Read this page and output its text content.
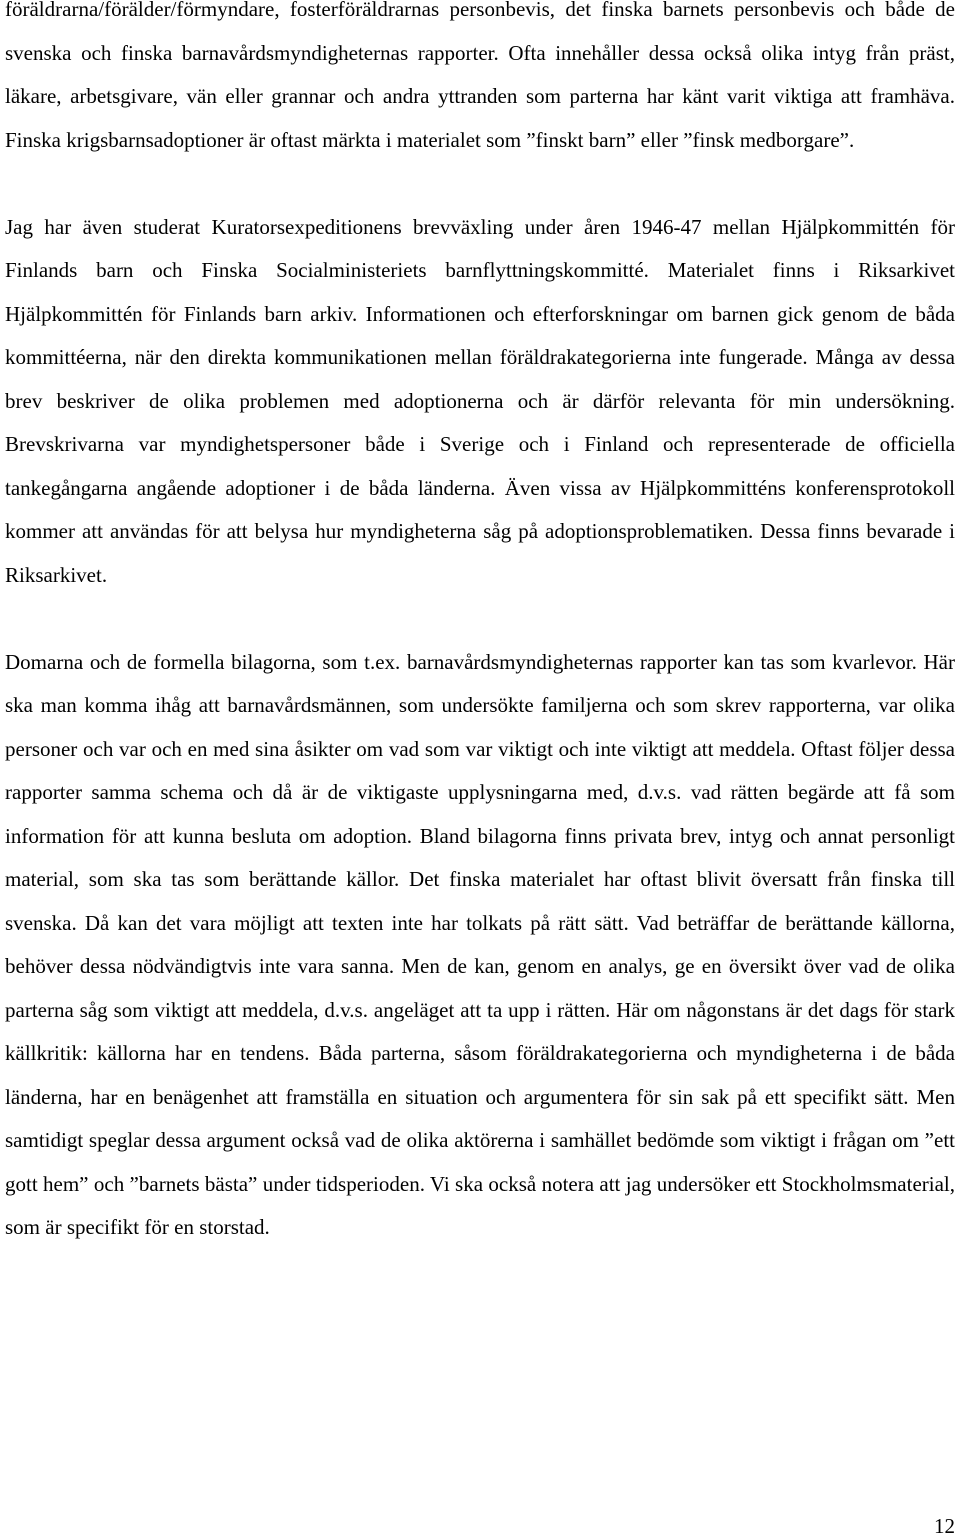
föräldrarna/förälder/förmyndare, fosterföräldrarnas personbevis, det finska barnets personbevis och både de svenska och finska barnavårdsmyndigheternas rapporter. Ofta innehåller dessa också olika intyg från präst, läkare, arbetsgivare, vän eller grannar och andra yttranden som parterna har känt varit viktiga att framhäva. Finska krigsbarnsadoptioner är oftast märkta i materialet som ”finskt barn” eller ”finsk medborgare”.

Jag har även studerat Kuratorsexpeditionens brevväxling under åren 1946-47 mellan Hjälpkommittén för Finlands barn och Finska Socialministeriets barnflyttningskommitté. Materialet finns i Riksarkivet Hjälpkommittén för Finlands barn arkiv. Informationen och efterforskningar om barnen gick genom de båda kommittéerna, när den direkta kommunikationen mellan föräldrakategorierna inte fungerade. Många av dessa brev beskriver de olika problemen med adoptionerna och är därför relevanta för min undersökning. Brevskrivarna var myndighetspersoner både i Sverige och i Finland och representerade de officiella tankegångarna angående adoptioner i de båda länderna. Även vissa av Hjälpkommitténs konferensprotokoll kommer att användas för att belysa hur myndigheterna såg på adoptionsproblematiken. Dessa finns bevarade i Riksarkivet.

Domarna och de formella bilagorna, som t.ex. barnavårdsmyndigheternas rapporter kan tas som kvarlevor. Här ska man komma ihåg att barnavårdsmännen, som undersökte familjerna och som skrev rapporterna, var olika personer och var och en med sina åsikter om vad som var viktigt och inte viktigt att meddela. Oftast följer dessa rapporter samma schema och då är de viktigaste upplysningarna med, d.v.s. vad rätten begärde att få som information för att kunna besluta om adoption. Bland bilagorna finns privata brev, intyg och annat personligt material, som ska tas som berättande källor. Det finska materialet har oftast blivit översatt från finska till svenska. Då kan det vara möjligt att texten inte har tolkats på rätt sätt. Vad beträffar de berättande källorna, behöver dessa nödvändigtvis inte vara sanna. Men de kan, genom en analys, ge en översikt över vad de olika parterna såg som viktigt att meddela, d.v.s. angeläget att ta upp i rätten. Här om någonstans är det dags för stark källkritik: källorna har en tendens. Båda parterna, såsom föräldrakategorierna och myndigheterna i de båda länderna, har en benägenhet att framställa en situation och argumentera för sin sak på ett specifikt sätt. Men samtidigt speglar dessa argument också vad de olika aktörerna i samhället bedömde som viktigt i frågan om ”ett gott hem” och ”barnets bästa” under tidsperioden. Vi ska också notera att jag undersöker ett Stockholmsmaterial, som är specifikt för en storstad.

12
